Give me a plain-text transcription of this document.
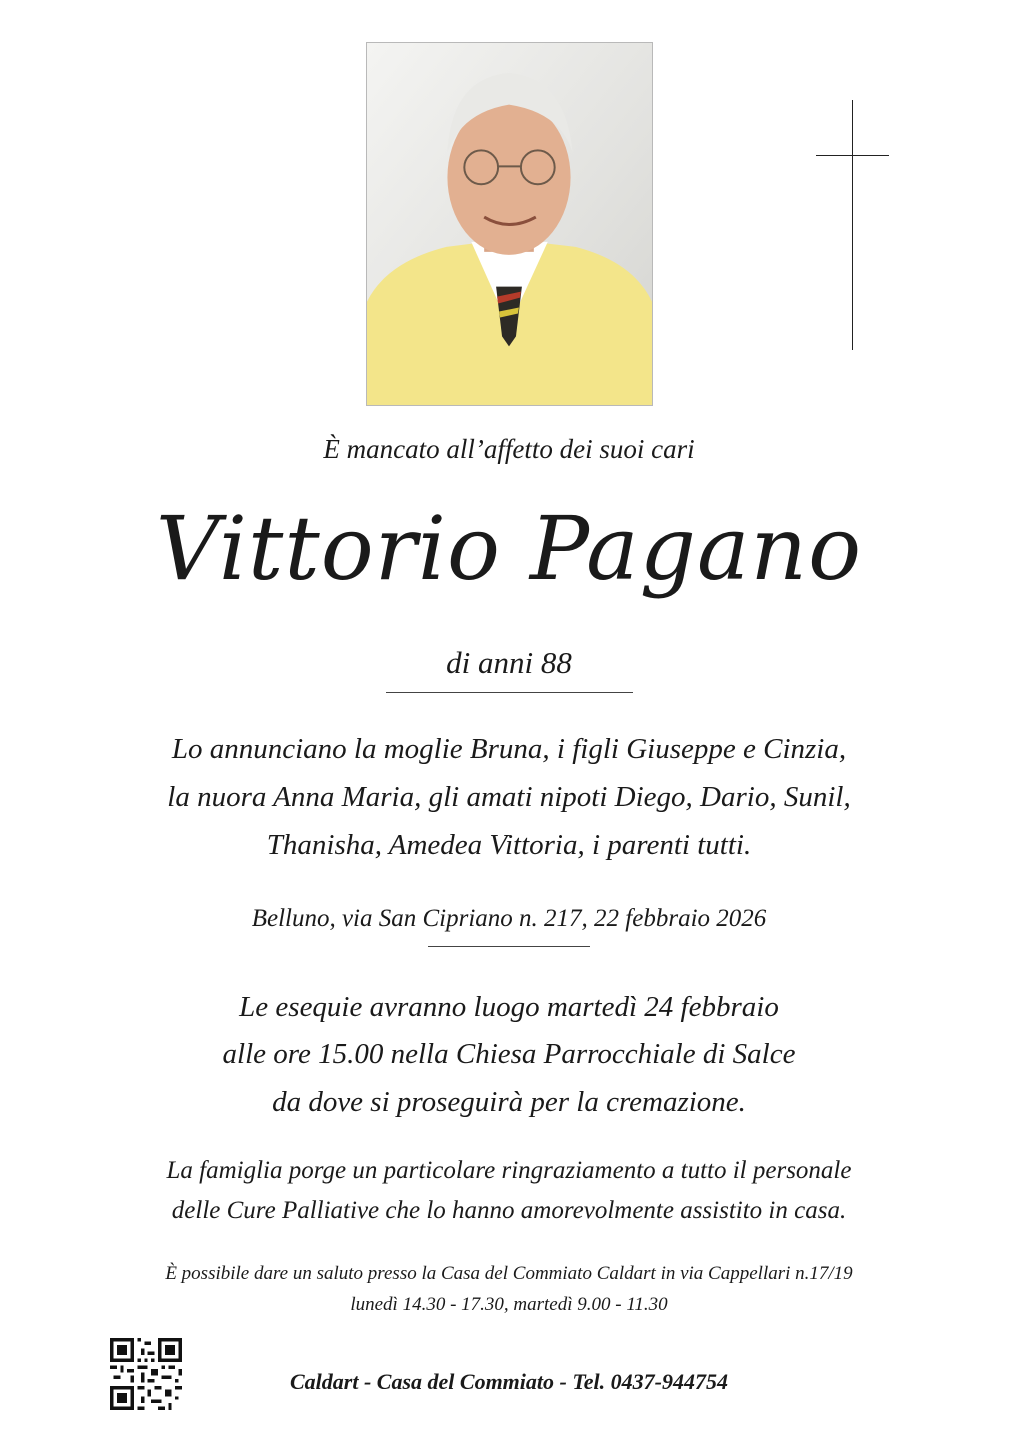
È mancato all’affetto dei suoi cari
Vittorio Pagano
di anni 88
Lo annunciano la moglie Bruna, i figli Giuseppe e Cinzia,
la nuora Anna Maria, gli amati nipoti Diego, Dario, Sunil,
Thanisha, Amedea Vittoria, i parenti tutti.
Belluno, via San Cipriano n. 217, 22 febbraio 2026
Le esequie avranno luogo martedì 24 febbraio
alle ore 15.00 nella Chiesa Parrocchiale di Salce
da dove si proseguirà per la cremazione.
La famiglia porge un particolare ringraziamento a tutto il personale
delle Cure Palliative che lo hanno amorevolmente assistito in casa.
È possibile dare un saluto presso la Casa del Commiato Caldart in via Cappellari n.17/19
lunedì 14.30 - 17.30, martedì 9.00 - 11.30
Caldart - Casa del Commiato - Tel. 0437-944754
